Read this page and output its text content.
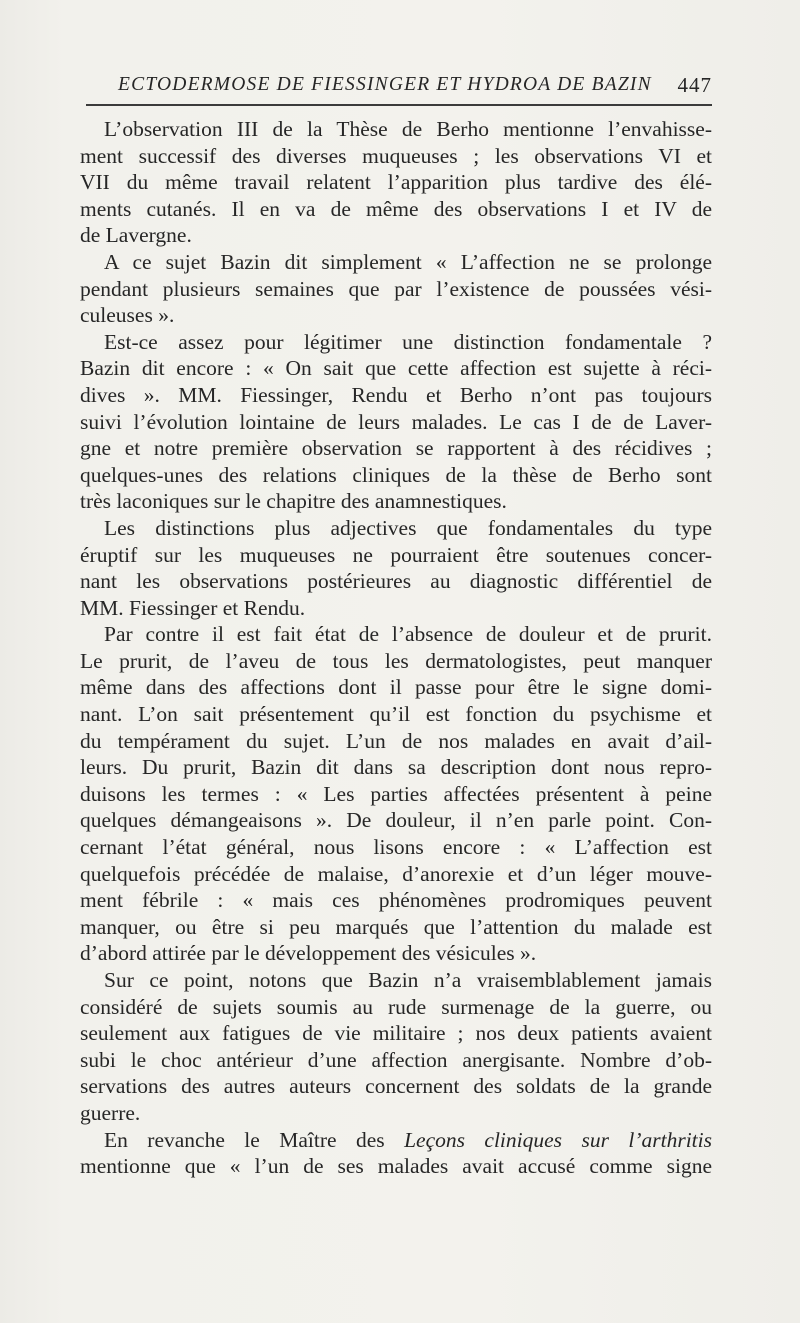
ECTODERMOSE DE FIESSINGER ET HYDROA DE BAZIN 447
L’observation III de la Thèse de Berho mentionne l’envahisse-
ment successif des diverses muqueuses ; les observations VI et
VII du même travail relatent l’apparition plus tardive des élé-
ments cutanés. Il en va de même des observations I et IV de
de Lavergne.
A ce sujet Bazin dit simplement « L’affection ne se prolonge
pendant plusieurs semaines que par l’existence de poussées vési-
culeuses ».
Est-ce assez pour légitimer une distinction fondamentale ?
Bazin dit encore : « On sait que cette affection est sujette à réci-
dives ». MM. Fiessinger, Rendu et Berho n’ont pas toujours
suivi l’évolution lointaine de leurs malades. Le cas I de de Laver-
gne et notre première observation se rapportent à des récidives ;
quelques-unes des relations cliniques de la thèse de Berho sont
très laconiques sur le chapitre des anamnestiques.
Les distinctions plus adjectives que fondamentales du type
éruptif sur les muqueuses ne pourraient être soutenues concer-
nant les observations postérieures au diagnostic différentiel de
MM. Fiessinger et Rendu.
Par contre il est fait état de l’absence de douleur et de prurit.
Le prurit, de l’aveu de tous les dermatologistes, peut manquer
même dans des affections dont il passe pour être le signe domi-
nant. L’on sait présentement qu’il est fonction du psychisme et
du tempérament du sujet. L’un de nos malades en avait d’ail-
leurs. Du prurit, Bazin dit dans sa description dont nous repro-
duisons les termes : « Les parties affectées présentent à peine
quelques démangeaisons ». De douleur, il n’en parle point. Con-
cernant l’état général, nous lisons encore : « L’affection est
quelquefois précédée de malaise, d’anorexie et d’un léger mouve-
ment fébrile : « mais ces phénomènes prodromiques peuvent
manquer, ou être si peu marqués que l’attention du malade est
d’abord attirée par le développement des vésicules ».
Sur ce point, notons que Bazin n’a vraisemblablement jamais
considéré de sujets soumis au rude surmenage de la guerre, ou
seulement aux fatigues de vie militaire ; nos deux patients avaient
subi le choc antérieur d’une affection anergisante. Nombre d’ob-
servations des autres auteurs concernent des soldats de la grande
guerre.
En revanche le Maître des Leçons cliniques sur l’arthritis
mentionne que « l’un de ses malades avait accusé comme signe
